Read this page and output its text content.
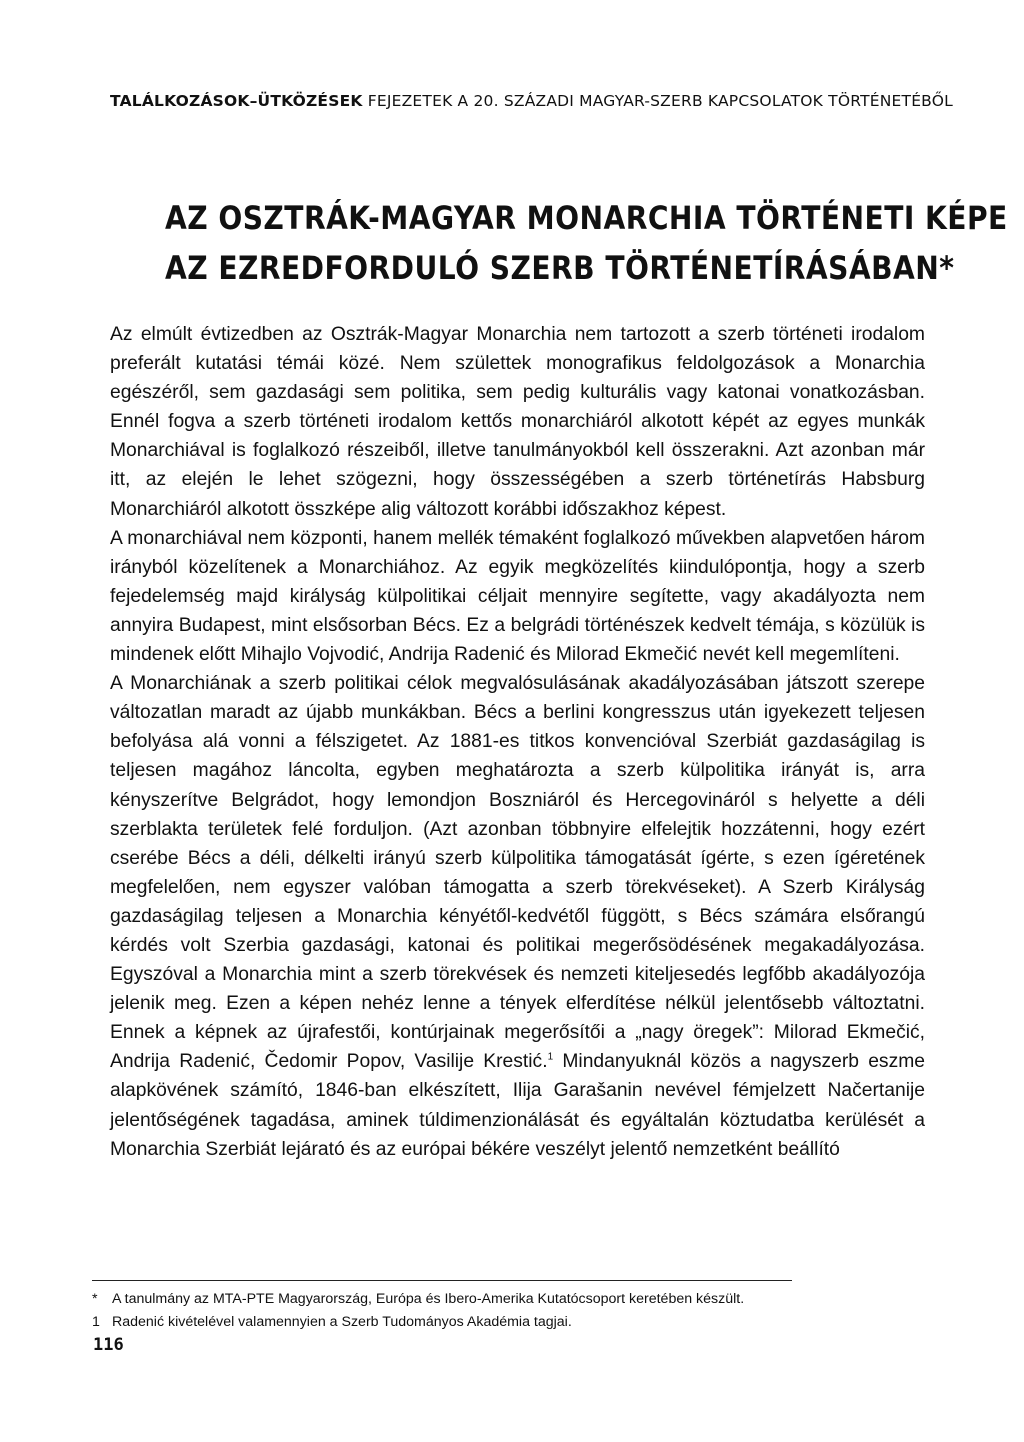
TALÁLKOZÁSOK–ÜTKÖZÉSEK FEJEZETEK A 20. SZÁZADI MAGYAR-SZERB KAPCSOLATOK TÖRTÉNETÉBŐL
AZ OSZTRÁK-MAGYAR MONARCHIA TÖRTÉNETI KÉPE
AZ EZREDFORDULÓ SZERB TÖRTÉNETÍRÁSÁBAN*

Az elmúlt évtizedben az Osztrák-Magyar Monarchia nem tartozott a szerb történeti irodalom preferált kutatási témái közé. Nem születtek monografikus feldolgozások a Monarchia egészéről, sem gazdasági sem politika, sem pedig kulturális vagy katonai vonatkozásban. Ennél fogva a szerb történeti irodalom kettős monarchiáról alkotott képét az egyes munkák Monarchiával is foglalkozó részeiből, illetve tanulmányokból kell összerakni. Azt azonban már itt, az elején le lehet szögezni, hogy összességében a szerb történetírás Habsburg Monarchiáról alkotott összképe alig változott korábbi időszakhoz képest.

A monarchiával nem központi, hanem mellék témaként foglalkozó művekben alapvetően három irányból közelítenek a Monarchiához. Az egyik megközelítés kiindulópontja, hogy a szerb fejedelemség majd királyság külpolitikai céljait mennyire segítette, vagy akadályozta nem annyira Budapest, mint elsősorban Bécs. Ez a belgrádi történészek kedvelt témája, s közülük is mindenek előtt Mihajlo Vojvodić, Andrija Radenić és Milorad Ekmečić nevét kell megemlíteni.

A Monarchiának a szerb politikai célok megvalósulásának akadályozásában játszott szerepe változatlan maradt az újabb munkákban. Bécs a berlini kongresszus után igyekezett teljesen befolyása alá vonni a félszigetet. Az 1881-es titkos konvencióval Szerbiát gazdaságilag is teljesen magához láncolta, egyben meghatározta a szerb külpolitika irányát is, arra kényszerítve Belgrádot, hogy lemondjon Boszniáról és Hercegovináról s helyette a déli szerblakta területek felé forduljon. (Azt azonban többnyire elfelejtik hozzátenni, hogy ezért cserébe Bécs a déli, délkelti irányú szerb külpolitika támogatását ígérte, s ezen ígéretének megfelelően, nem egyszer valóban támogatta a szerb törekvéseket). A Szerb Királyság gazdaságilag teljesen a Monarchia kényétől-kedvétől függött, s Bécs számára elsőrangú kérdés volt Szerbia gazdasági, katonai és politikai megerősödésének megakadályozása. Egyszóval a Monarchia mint a szerb törekvések és nemzeti kiteljesedés legfőbb akadályozója jelenik meg. Ezen a képen nehéz lenne a tények elferdítése nélkül jelentősebb változtatni. Ennek a képnek az újrafestői, kontúrjainak megerősítői a „nagy öregek”: Milorad Ekmečić, Andrija Radenić, Čedomir Popov, Vasilije Krestić.$^1$ Mindanyuknál közös a nagyszerb eszme alapkövének számító, 1846-ban elkészített, Ilija Garašanin nevével fémjelzett Načertanije jelentőségének tagadása, aminek túldimenzionálását és egyáltalán köztudatba kerülését a Monarchia Szerbiát lejárató és az európai békére veszélyt jelentő nemzetként beállító

* A tanulmány az MTA-PTE Magyarország, Európa és Ibero-Amerika Kutatócsoport keretében készült.
1 Radenić kivételével valamennyien a Szerb Tudományos Akadémia tagjai.
116
